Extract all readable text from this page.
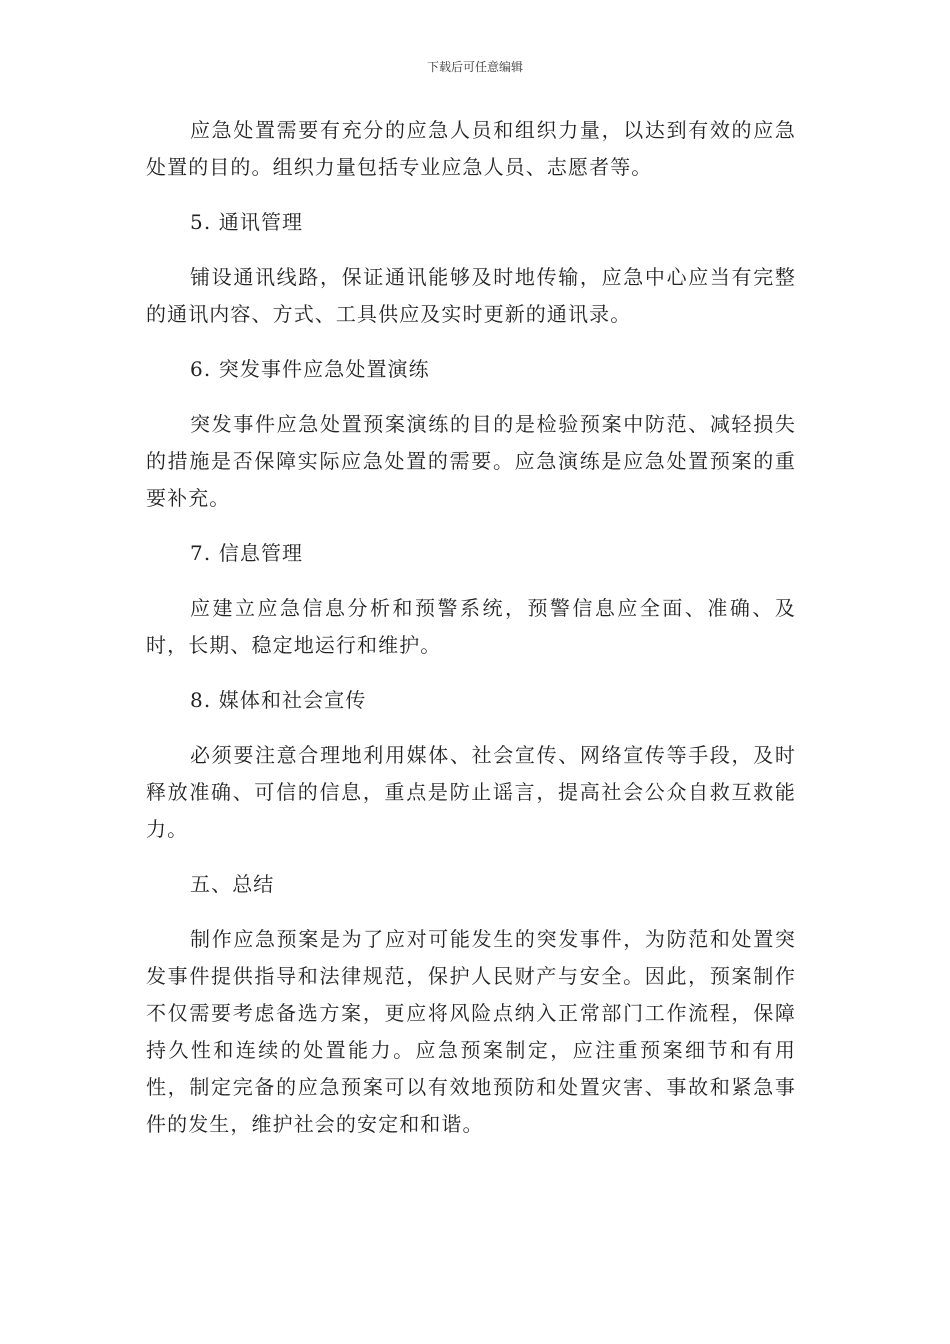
下载后可任意编辑

应急处置需要有充分的应急人员和组织力量，以达到有效的应急处置的目的。组织力量包括专业应急人员、志愿者等。

5. 通讯管理

铺设通讯线路，保证通讯能够及时地传输，应急中心应当有完整的通讯内容、方式、工具供应及实时更新的通讯录。

6. 突发事件应急处置演练

突发事件应急处置预案演练的目的是检验预案中防范、减轻损失的措施是否保障实际应急处置的需要。应急演练是应急处置预案的重要补充。

7. 信息管理

应建立应急信息分析和预警系统，预警信息应全面、准确、及时，长期、稳定地运行和维护。

8. 媒体和社会宣传

必须要注意合理地利用媒体、社会宣传、网络宣传等手段，及时释放准确、可信的信息，重点是防止谣言，提高社会公众自救互救能力。

五、总结

制作应急预案是为了应对可能发生的突发事件，为防范和处置突发事件提供指导和法律规范，保护人民财产与安全。因此，预案制作不仅需要考虑备选方案，更应将风险点纳入正常部门工作流程，保障持久性和连续的处置能力。应急预案制定，应注重预案细节和有用性，制定完备的应急预案可以有效地预防和处置灾害、事故和紧急事件的发生，维护社会的安定和和谐。
